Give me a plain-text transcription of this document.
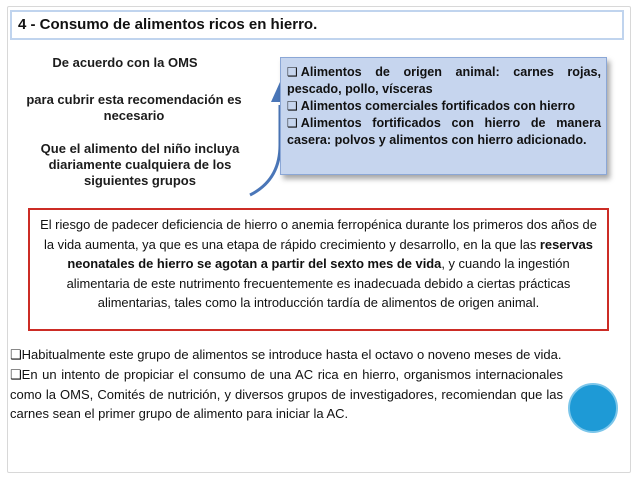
4 - Consumo de alimentos ricos en hierro.
De acuerdo con la OMS
para cubrir esta recomendación es necesario
Que el alimento del niño incluya diariamente cualquiera de los siguientes grupos
❑ Alimentos de origen animal: carnes rojas, pescado, pollo, vísceras
❑ Alimentos comerciales fortificados con hierro
❑ Alimentos fortificados con hierro de manera casera: polvos y alimentos con hierro adicionado.
El riesgo de padecer deficiencia de hierro o anemia ferropénica durante los primeros dos años de la vida aumenta, ya que es una etapa de rápido crecimiento y desarrollo, en la que las reservas neonatales de hierro se agotan a partir del sexto mes de vida, y cuando la ingestión alimentaria de este nutrimento frecuentemente es inadecuada debido a ciertas prácticas alimentarias, tales como la introducción tardía de alimentos de origen animal.

❑Habitualmente este grupo de alimentos se introduce hasta el octavo o noveno meses de vida.

❑En un intento de propiciar el consumo de una AC rica en hierro, organismos internacionales como la OMS, Comités de nutrición, y diversos grupos de investigadores, recomiendan que las carnes sean el primer grupo de alimento para iniciar la AC.
